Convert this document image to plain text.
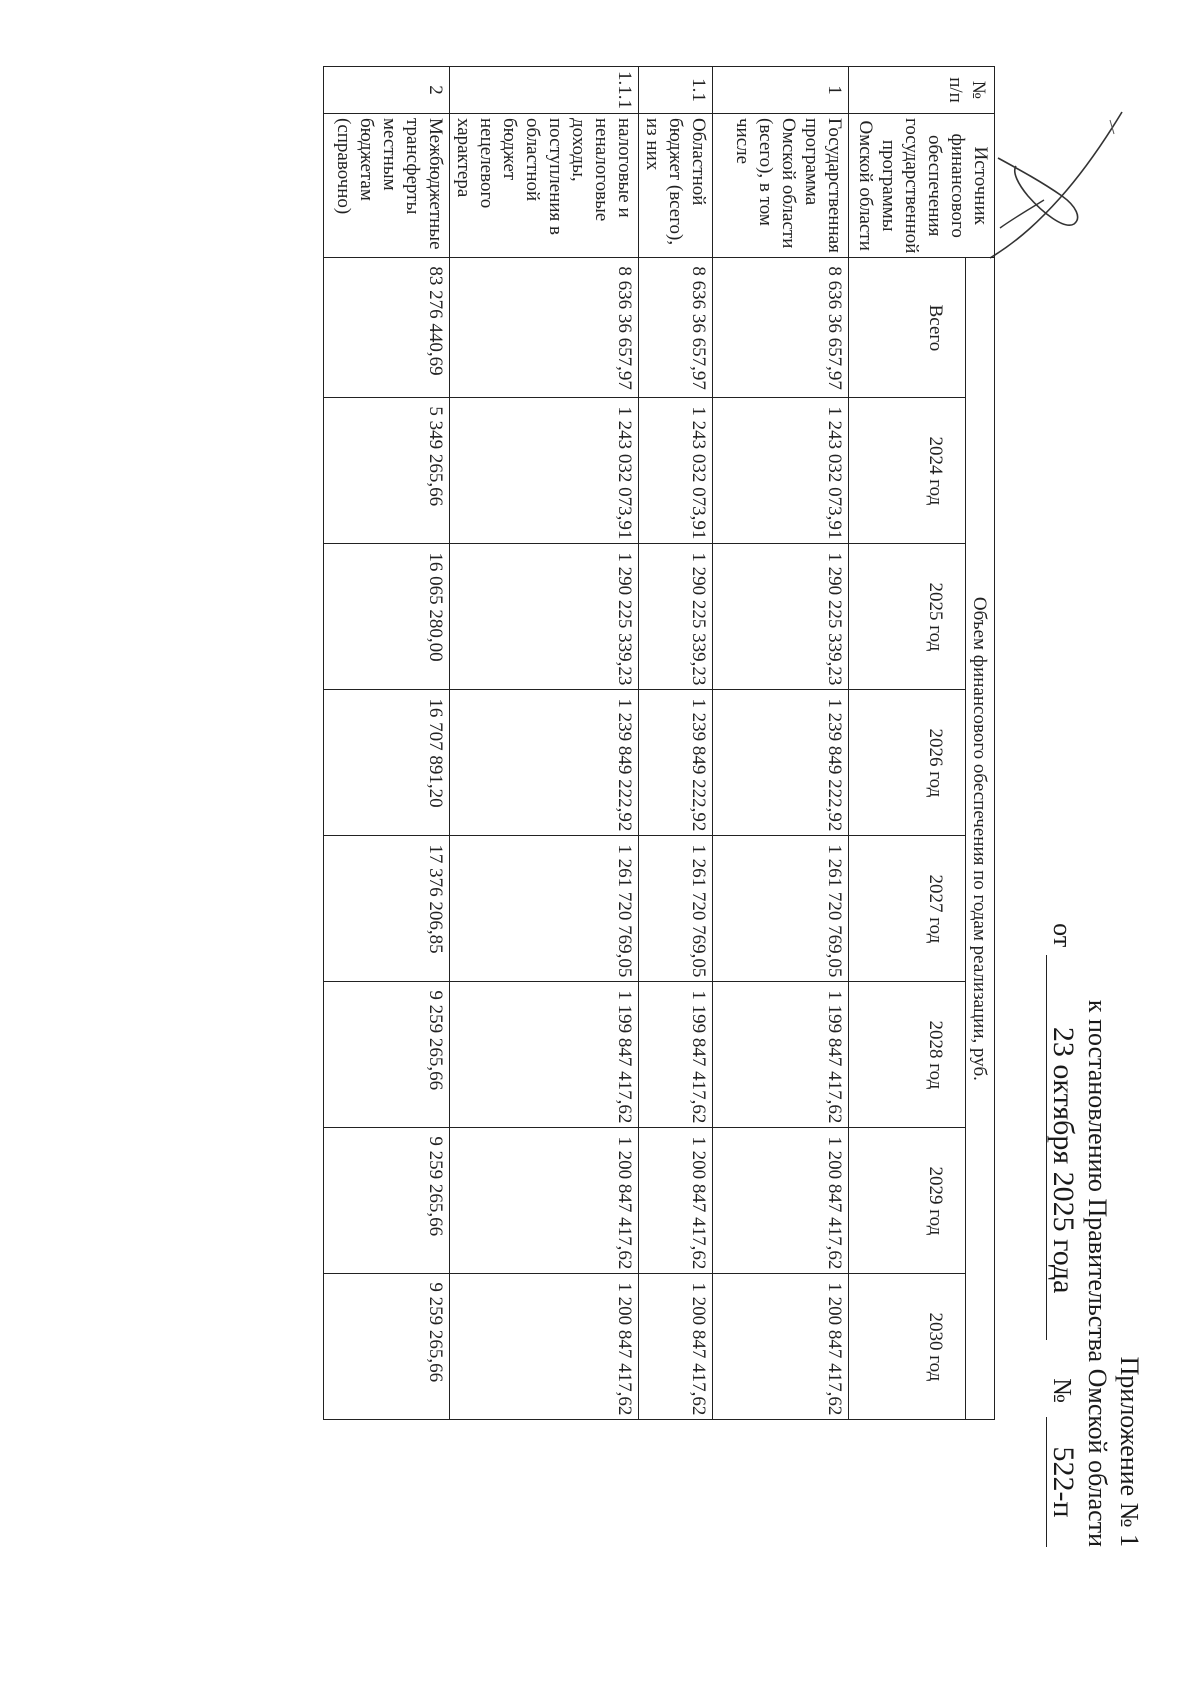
Приложение № 1
к постановлению Правительства Омской области
от
23 октября 2025 года
№
522-п
№ п/п	Источник финансового обеспечения государственной программы Омской области	Объем финансового обеспечения по годам реализации, руб.							
		Всего	2024 год	2025 год	2026 год	2027 год	2028 год	2029 год	2030 год
1	Государственная программа Омской области (всего), в том числе	8 636 36 657,97	1 243 032 073,91	1 290 225 339,23	1 239 849 222,92	1 261 720 769,05	1 199 847 417,62	1 200 847 417,62	1 200 847 417,62
1.1	Областной бюджет (всего), из них	8 636 36 657,97	1 243 032 073,91	1 290 225 339,23	1 239 849 222,92	1 261 720 769,05	1 199 847 417,62	1 200 847 417,62	1 200 847 417,62
1.1.1	налоговые и неналоговые доходы, поступления в областной бюджет нецелевого характера	8 636 36 657,97	1 243 032 073,91	1 290 225 339,23	1 239 849 222,92	1 261 720 769,05	1 199 847 417,62	1 200 847 417,62	1 200 847 417,62
2	Межбюджетные трансферты местным бюджетам (справочно)	83 276 440,69	5 349 265,66	16 065 280,00	16 707 891,20	17 376 206,85	9 259 265,66	9 259 265,66	9 259 265,66
